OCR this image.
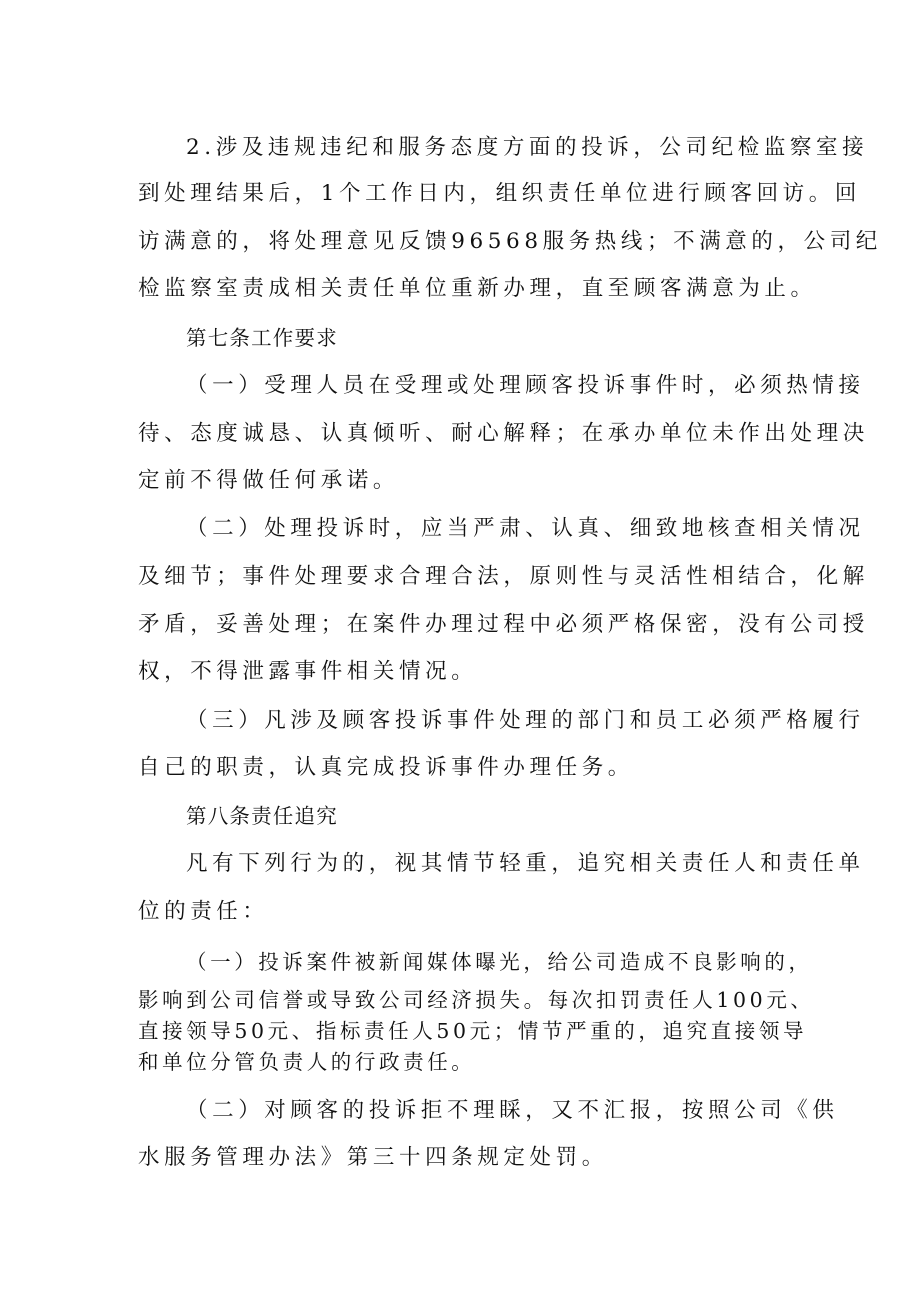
2.涉及违规违纪和服务态度方面的投诉，公司纪检监察室接

到处理结果后，1个工作日内，组织责任单位进行顾客回访。回

访满意的，将处理意见反馈96568服务热线；不满意的，公司纪

检监察室责成相关责任单位重新办理，直至顾客满意为止。

第七条工作要求

（一）受理人员在受理或处理顾客投诉事件时，必须热情接

待、态度诚恳、认真倾听、耐心解释；在承办单位未作出处理决

定前不得做任何承诺。

（二）处理投诉时，应当严肃、认真、细致地核查相关情况

及细节；事件处理要求合理合法，原则性与灵活性相结合，化解

矛盾，妥善处理；在案件办理过程中必须严格保密，没有公司授

权，不得泄露事件相关情况。

（三）凡涉及顾客投诉事件处理的部门和员工必须严格履行

自己的职责，认真完成投诉事件办理任务。

第八条责任追究

凡有下列行为的，视其情节轻重，追究相关责任人和责任单

位的责任：

（一）投诉案件被新闻媒体曝光，给公司造成不良影响的，

影响到公司信誉或导致公司经济损失。每次扣罚责任人100元、

直接领导50元、指标责任人50元；情节严重的，追究直接领导

和单位分管负责人的行政责任。

（二）对顾客的投诉拒不理睬，又不汇报，按照公司《供

水服务管理办法》第三十四条规定处罚。
